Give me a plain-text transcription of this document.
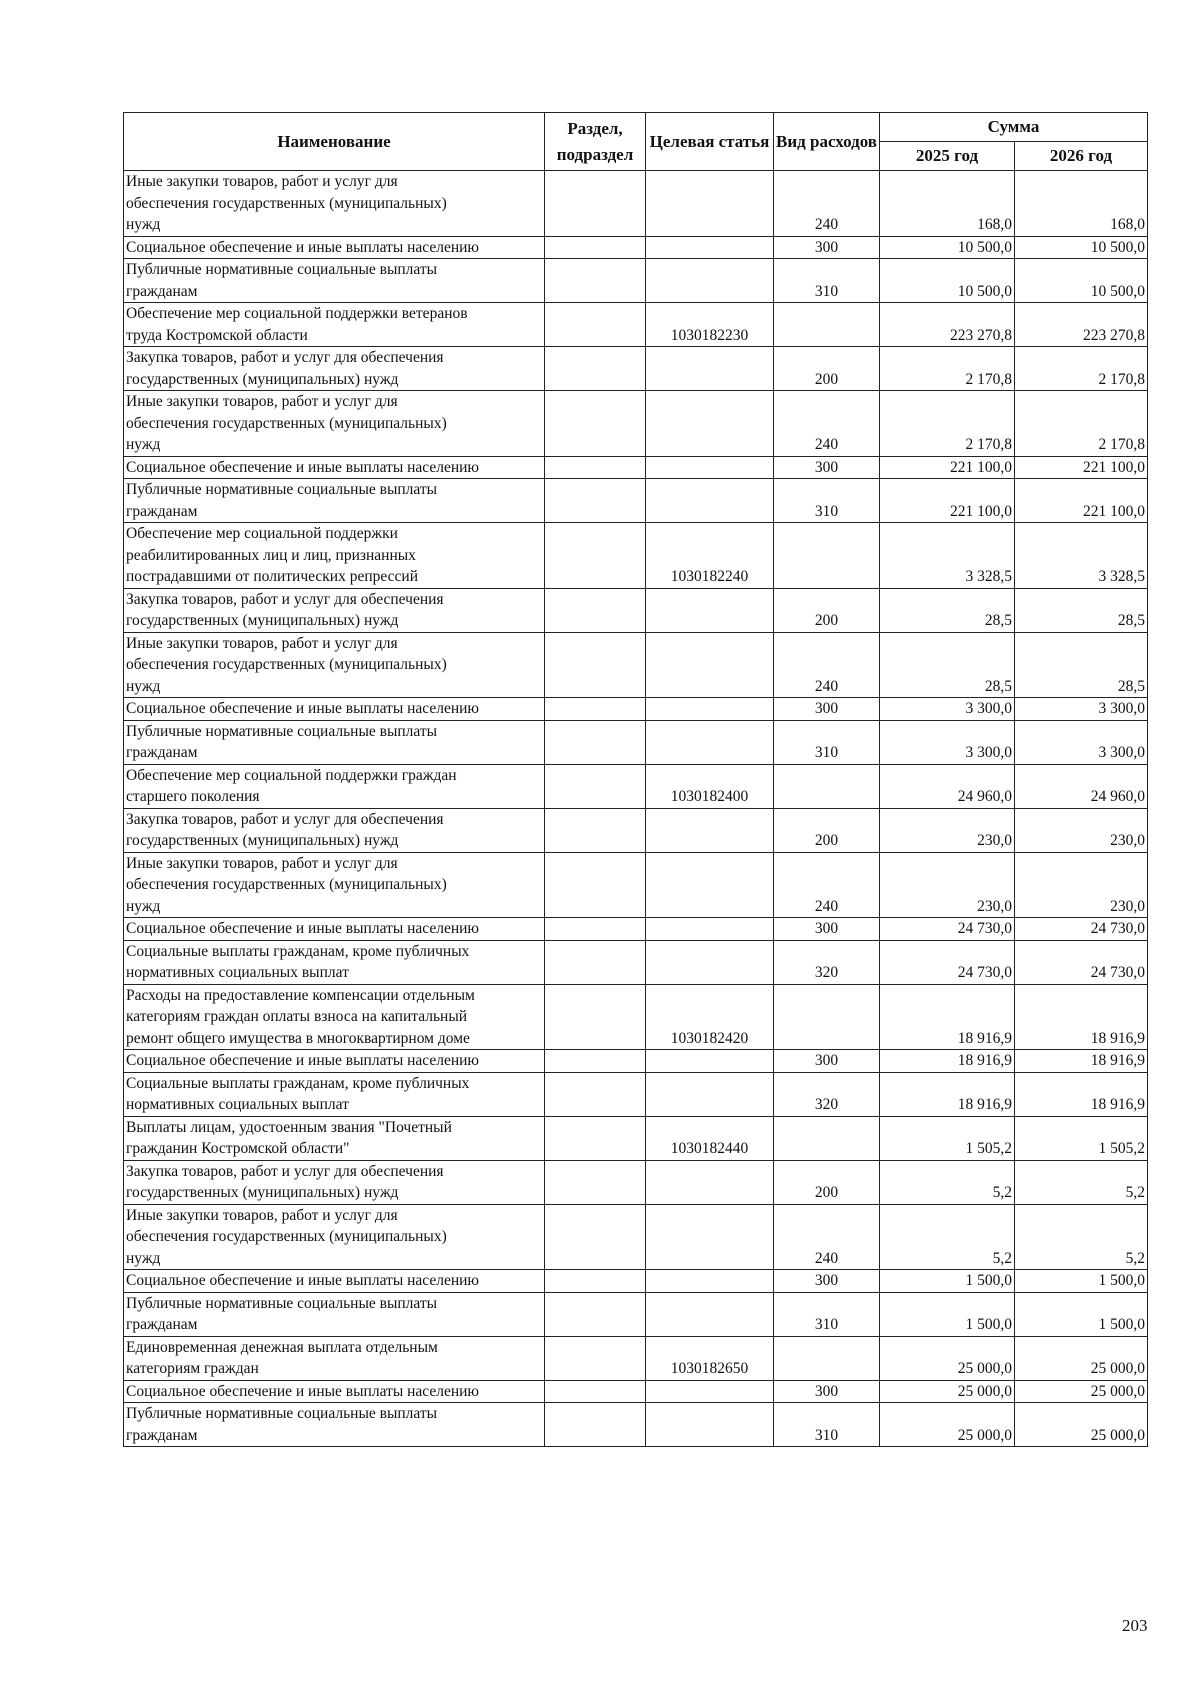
Наименование	Раздел, подраздел	Целевая статья	Вид расходов	Сумма	
				2025 год	2026 год

Иные закупки товаров, работ и услуг для
обеспечения государственных (муниципальных)
нужд			240	168,0	168,0

Социальное обеспечение и иные выплаты населению			300	10 500,0	10 500,0

Публичные нормативные социальные выплаты
гражданам			310	10 500,0	10 500,0

Обеспечение мер социальной поддержки ветеранов
труда Костромской области		1030182230		223 270,8	223 270,8

Закупка товаров, работ и услуг для обеспечения
государственных (муниципальных) нужд			200	2 170,8	2 170,8

Иные закупки товаров, работ и услуг для
обеспечения государственных (муниципальных)
нужд			240	2 170,8	2 170,8

Социальное обеспечение и иные выплаты населению			300	221 100,0	221 100,0

Публичные нормативные социальные выплаты
гражданам			310	221 100,0	221 100,0

Обеспечение мер социальной поддержки
реабилитированных лиц и лиц, признанных
пострадавшими от политических репрессий		1030182240		3 328,5	3 328,5

Закупка товаров, работ и услуг для обеспечения
государственных (муниципальных) нужд			200	28,5	28,5

Иные закупки товаров, работ и услуг для
обеспечения государственных (муниципальных)
нужд			240	28,5	28,5

Социальное обеспечение и иные выплаты населению			300	3 300,0	3 300,0

Публичные нормативные социальные выплаты
гражданам			310	3 300,0	3 300,0

Обеспечение мер социальной поддержки граждан
старшего поколения		1030182400		24 960,0	24 960,0

Закупка товаров, работ и услуг для обеспечения
государственных (муниципальных) нужд			200	230,0	230,0

Иные закупки товаров, работ и услуг для
обеспечения государственных (муниципальных)
нужд			240	230,0	230,0

Социальное обеспечение и иные выплаты населению			300	24 730,0	24 730,0

Социальные выплаты гражданам, кроме публичных
нормативных социальных выплат			320	24 730,0	24 730,0

Расходы на предоставление компенсации отдельным
категориям граждан оплаты взноса на капитальный
ремонт общего имущества в многоквартирном доме		1030182420		18 916,9	18 916,9

Социальное обеспечение и иные выплаты населению			300	18 916,9	18 916,9

Социальные выплаты гражданам, кроме публичных
нормативных социальных выплат			320	18 916,9	18 916,9

Выплаты лицам, удостоенным звания "Почетный
гражданин Костромской области"		1030182440		1 505,2	1 505,2

Закупка товаров, работ и услуг для обеспечения
государственных (муниципальных) нужд			200	5,2	5,2

Иные закупки товаров, работ и услуг для
обеспечения государственных (муниципальных)
нужд			240	5,2	5,2

Социальное обеспечение и иные выплаты населению			300	1 500,0	1 500,0

Публичные нормативные социальные выплаты
гражданам			310	1 500,0	1 500,0

Единовременная денежная выплата отдельным
категориям граждан		1030182650		25 000,0	25 000,0

Социальное обеспечение и иные выплаты населению			300	25 000,0	25 000,0

Публичные нормативные социальные выплаты
гражданам			310	25 000,0	25 000,0
203
